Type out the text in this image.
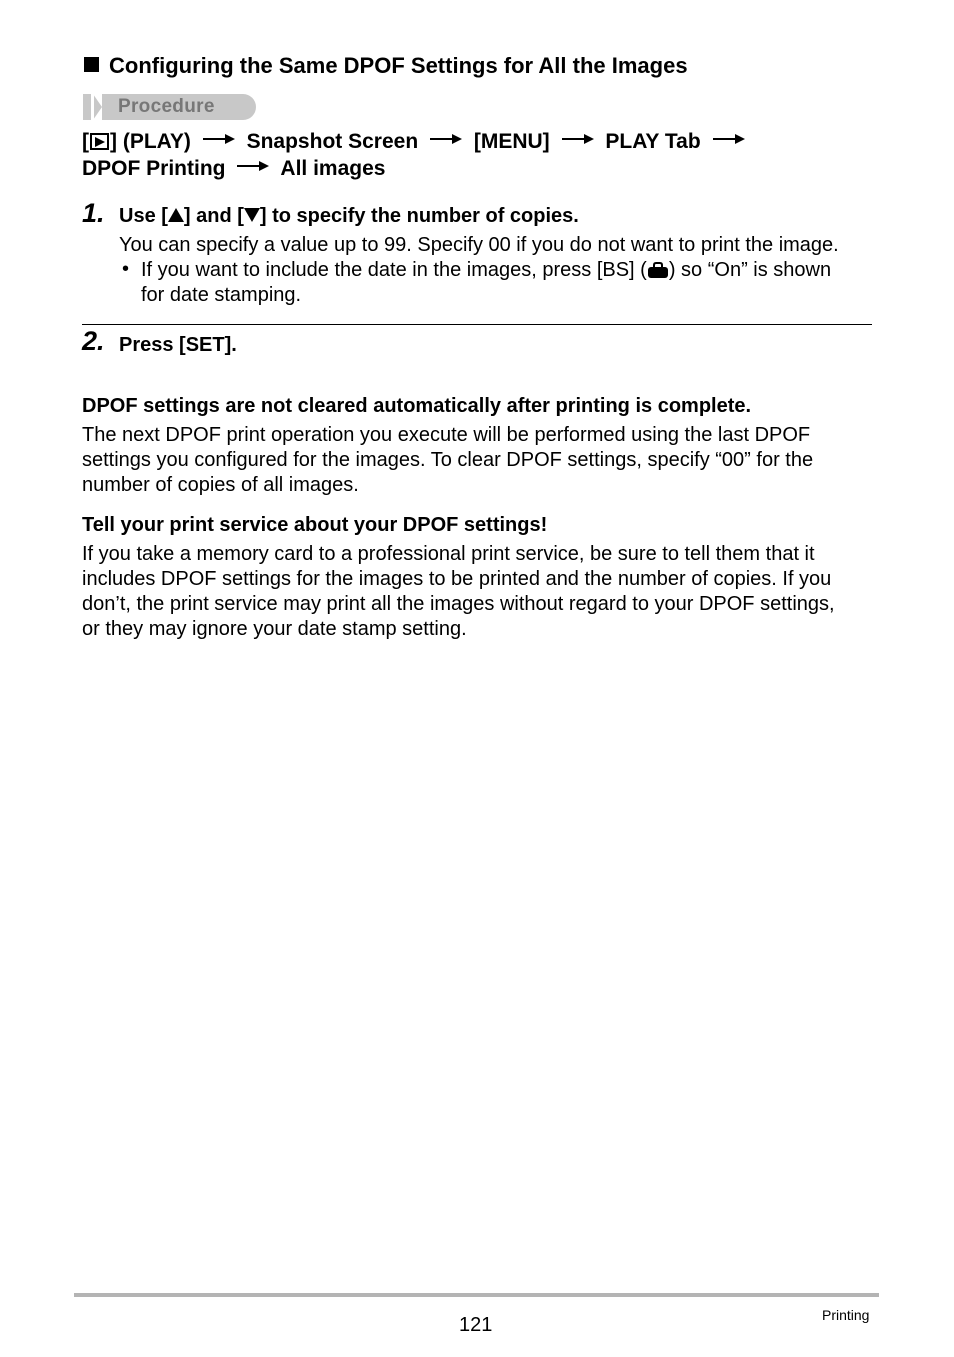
Configuring the Same DPOF Settings for All the Images
Procedure
[ ] (PLAY)	Snapshot Screen	[MENU]	PLAY Tab
DPOF Printing	All images
1. Use [ ] and [ ] to specify the number of copies.
You can specify a value up to 99. Specify 00 if you do not want to print the image.
• If you want to include the date in the images, press [BS] ( ) so “On” is shown
for date stamping.
2. Press [SET].
DPOF settings are not cleared automatically after printing is complete.
The next DPOF print operation you execute will be performed using the last DPOF
settings you configured for the images. To clear DPOF settings, specify “00” for the
number of copies of all images.
Tell your print service about your DPOF settings!
If you take a memory card to a professional print service, be sure to tell them that it
includes DPOF settings for the images to be printed and the number of copies. If you
don’t, the print service may print all the images without regard to your DPOF settings,
or they may ignore your date stamp setting.
121	Printing
